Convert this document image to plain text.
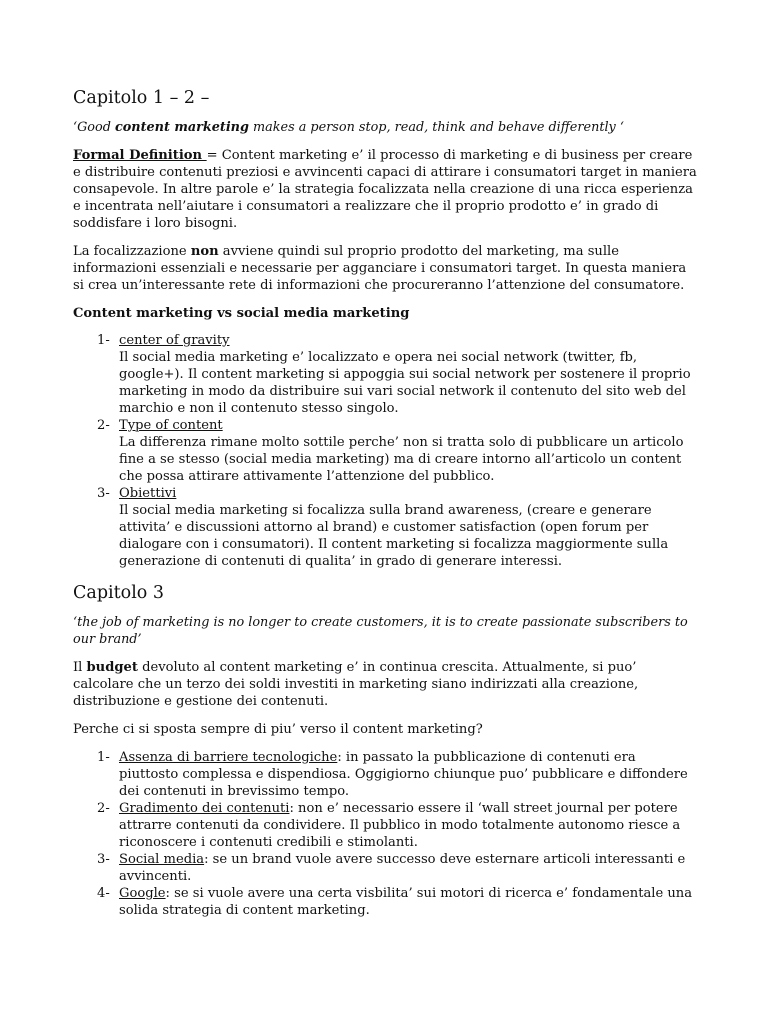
Capitolo 1 – 2 –

‘Good content marketing makes a person stop, read, think and behave differently ‘

Formal Definition = Content marketing e’ il processo di marketing e di business per creare e distribuire contenuti preziosi e avvincenti capaci di attirare i consumatori target in maniera consapevole. In altre parole e’ la strategia focalizzata nella creazione di una ricca esperienza e incentrata nell’aiutare i consumatori a realizzare che il proprio prodotto e’ in grado di soddisfare i loro bisogni.

La focalizzazione non avviene quindi sul proprio prodotto del marketing, ma sulle informazioni essenziali e necessarie per agganciare i consumatori target. In questa maniera si crea un’interessante rete di informazioni che procureranno l’attenzione del consumatore.

Content marketing vs social media marketing

1- center of gravity
Il social media marketing e’ localizzato e opera nei social network (twitter, fb, google+). Il content marketing si appoggia sui social network per sostenere il proprio marketing in modo da distribuire sui vari social network il contenuto del sito web del marchio e non il contenuto stesso singolo.
2- Type of content
La differenza rimane molto sottile perche’ non si tratta solo di pubblicare un articolo fine a se stesso (social media marketing) ma di creare intorno all’articolo un content che possa attirare attivamente l’attenzione del pubblico.
3- Obiettivi
Il social media marketing si focalizza sulla brand awareness, (creare e generare attivita’ e discussioni attorno al brand) e customer satisfaction (open forum per dialogare con i consumatori). Il content marketing si focalizza maggiormente sulla generazione di contenuti di qualita’ in grado di generare interessi.
Capitolo 3

‘the job of marketing is no longer to create customers, it is to create passionate subscribers to our brand’

Il budget devoluto al content marketing e’ in continua crescita. Attualmente, si puo’ calcolare che un terzo dei soldi investiti in marketing siano indirizzati alla creazione, distribuzione e gestione dei contenuti.

Perche ci si sposta sempre di piu’ verso il content marketing?

1- Assenza di barriere tecnologiche: in passato la pubblicazione di contenuti era piuttosto complessa e dispendiosa. Oggigiorno chiunque puo’ pubblicare e diffondere dei contenuti in brevissimo tempo.
2- Gradimento dei contenuti: non e’ necessario essere il ‘wall street journal per potere attrarre contenuti da condividere. Il pubblico in modo totalmente autonomo riesce a riconoscere i contenuti credibili e stimolanti.
3- Social media: se un brand vuole avere successo deve esternare articoli interessanti e avvincenti.
4- Google: se si vuole avere una certa visbilita’ sui motori di ricerca e’ fondamentale una solida strategia di content marketing.
